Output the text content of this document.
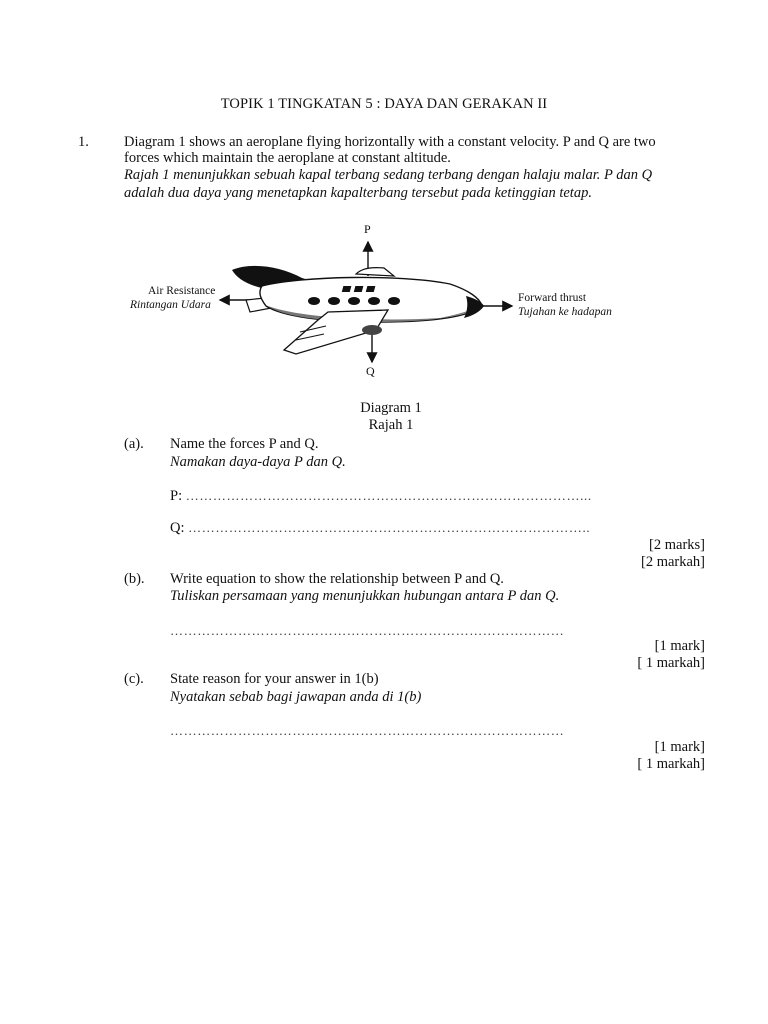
TOPIK 1 TINGKATAN 5 : DAYA DAN GERAKAN II
1. Diagram 1 shows an aeroplane flying horizontally with a constant velocity. P and Q are two
forces which maintain the aeroplane at constant altitude.
Rajah 1 menunjukkan sebuah kapal terbang sedang terbang dengan halaju malar. P dan Q
adalah dua daya yang menetapkan kapalterbang tersebut pada ketinggian tetap.
P
Q
Air Resistance
Rintangan Udara
Forward thrust
Tujahan ke hadapan
Diagram 1
Rajah 1
(a). Name the forces P and Q.
Namakan daya-daya P dan Q.
P: ……………………………………………………………………………...
Q: ……………………………………………………………………………..
[2 marks]
[2 markah]
(b). Write equation to show the relationship between P and Q.
Tuliskan persamaan yang menunjukkan hubungan antara P dan Q.
……………………………………………………………………………
[1 mark]
[ 1 markah]
(c). State reason for your answer in 1(b)
Nyatakan sebab bagi jawapan anda di 1(b)
……………………………………………………………………………
[1 mark]
[ 1 markah]
